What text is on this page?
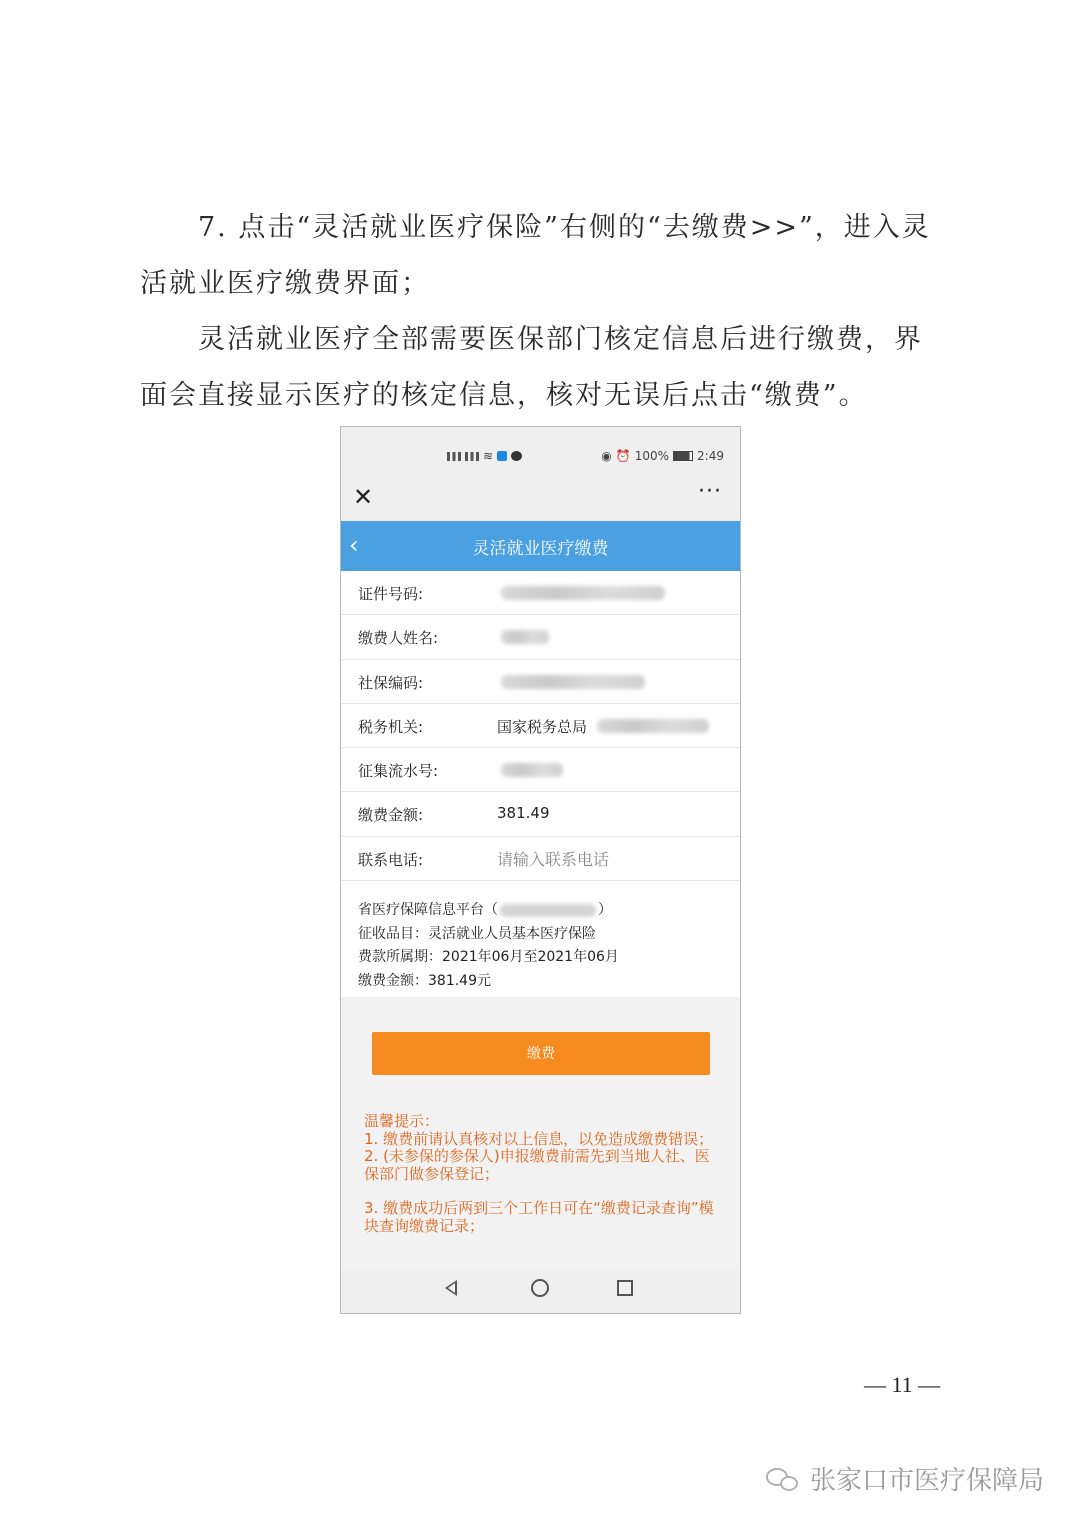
7. 点击“灵活就业医疗保险”右侧的“去缴费>>”，进入灵活就业医疗缴费界面；
灵活就业医疗全部需要医保部门核定信息后进行缴费，界面会直接显示医疗的核定信息，核对无误后点击“缴费”。
≋	◉ ⏰ 100% 2:49
✕	···
‹	灵活就业医疗缴费
证件号码:
缴费人姓名:
社保编码:
税务机关:	国家税务总局
征集流水号:
缴费金额:	381.49
联系电话:	请输入联系电话
省医疗保障信息平台（	）
征收品目：灵活就业人员基本医疗保险
费款所属期：2021年06月至2021年06月
缴费金额：381.49元
缴费
温馨提示：
1. 缴费前请认真核对以上信息，以免造成缴费错误；
2. (未参保的参保人)申报缴费前需先到当地人社、医保部门做参保登记；
3. 缴费成功后两到三个工作日可在“缴费记录查询”模块查询缴费记录；
— 11 —
张家口市医疗保障局
